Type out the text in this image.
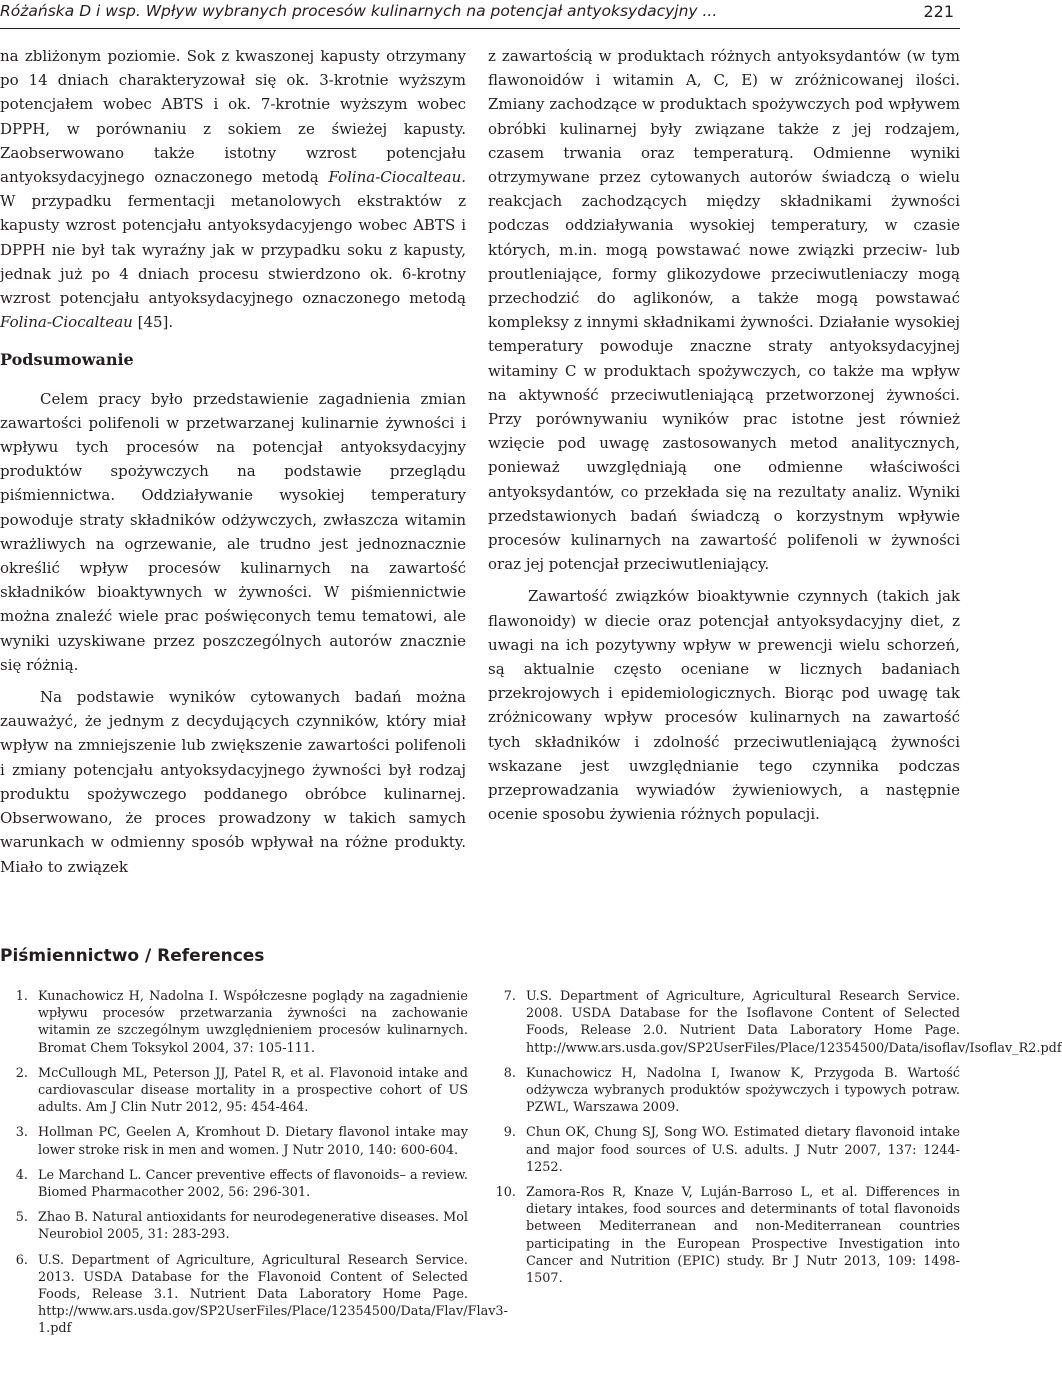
Różańska D i wsp. Wpływ wybranych procesów kulinarnych na potencjał antyoksydacyjny ...	221

na zbliżonym poziomie. Sok z kwaszonej kapusty otrzymany po 14 dniach charakteryzował się ok. 3-krotnie wyższym potencjałem wobec ABTS i ok. 7-krotnie wyższym wobec DPPH, w porównaniu z sokiem ze świeżej kapusty. Zaobserwowano także istotny wzrost potencjału antyoksydacyjnego oznaczonego metodą Folina-Ciocalteau. W przypadku fermentacji metanolowych ekstraktów z kapusty wzrost potencjału antyoksydacyjengo wobec ABTS i DPPH nie był tak wyraźny jak w przypadku soku z kapusty, jednak już po 4 dniach procesu stwierdzono ok. 6-krotny wzrost potencjału antyoksydacyjnego oznaczonego metodą Folina-Ciocalteau [45].

Podsumowanie

Celem pracy było przedstawienie zagadnienia zmian zawartości polifenoli w przetwarzanej kulinarnie żywności i wpływu tych procesów na potencjał antyoksydacyjny produktów spożywczych na podstawie przeglądu piśmiennictwa. Oddziaływanie wysokiej temperatury powoduje straty składników odżywczych, zwłaszcza witamin wrażliwych na ogrzewanie, ale trudno jest jednoznacznie określić wpływ procesów kulinarnych na zawartość składników bioaktywnych w żywności. W piśmiennictwie można znaleźć wiele prac poświęconych temu tematowi, ale wyniki uzyskiwane przez poszczególnych autorów znacznie się różnią.

Na podstawie wyników cytowanych badań można zauważyć, że jednym z decydujących czynników, który miał wpływ na zmniejszenie lub zwiększenie zawartości polifenoli i zmiany potencjału antyoksydacyjnego żywności był rodzaj produktu spożywczego poddanego obróbce kulinarnej. Obserwowano, że proces prowadzony w takich samych warunkach w odmienny sposób wpływał na różne produkty. Miało to związek

z zawartością w produktach różnych antyoksydantów (w tym flawonoidów i witamin A, C, E) w zróżnicowanej ilości. Zmiany zachodzące w produktach spożywczych pod wpływem obróbki kulinarnej były związane także z jej rodzajem, czasem trwania oraz temperaturą. Odmienne wyniki otrzymywane przez cytowanych autorów świadczą o wielu reakcjach zachodzących między składnikami żywności podczas oddziaływania wysokiej temperatury, w czasie których, m.in. mogą powstawać nowe związki przeciw- lub proutleniające, formy glikozydowe przeciwutleniaczy mogą przechodzić do aglikonów, a także mogą powstawać kompleksy z innymi składnikami żywności. Działanie wysokiej temperatury powoduje znaczne straty antyoksydacyjnej witaminy C w produktach spożywczych, co także ma wpływ na aktywność przeciwutleniającą przetworzonej żywności. Przy porównywaniu wyników prac istotne jest również wzięcie pod uwagę zastosowanych metod analitycznych, ponieważ uwzględniają one odmienne właściwości antyoksydantów, co przekłada się na rezultaty analiz. Wyniki przedstawionych badań świadczą o korzystnym wpływie procesów kulinarnych na zawartość polifenoli w żywności oraz jej potencjał przeciwutleniający.

Zawartość związków bioaktywnie czynnych (takich jak flawonoidy) w diecie oraz potencjał antyoksydacyjny diet, z uwagi na ich pozytywny wpływ w prewencji wielu schorzeń, są aktualnie często oceniane w licznych badaniach przekrojowych i epidemiologicznych. Biorąc pod uwagę tak zróżnicowany wpływ procesów kulinarnych na zawartość tych składników i zdolność przeciwutleniającą żywności wskazane jest uwzględnianie tego czynnika podczas przeprowadzania wywiadów żywieniowych, a następnie ocenie sposobu żywienia różnych populacji.

Piśmiennictwo / References
1. Kunachowicz H, Nadolna I. Współczesne poglądy na zagadnienie wpływu procesów przetwarzania żywności na zachowanie witamin ze szczególnym uwzględnieniem procesów kulinarnych. Bromat Chem Toksykol 2004, 37: 105-111.
2. McCullough ML, Peterson JJ, Patel R, et al. Flavonoid intake and cardiovascular disease mortality in a prospective cohort of US adults. Am J Clin Nutr 2012, 95: 454-464.
3. Hollman PC, Geelen A, Kromhout D. Dietary flavonol intake may lower stroke risk in men and women. J Nutr 2010, 140: 600-604.
4. Le Marchand L. Cancer preventive effects of flavonoids– a review. Biomed Pharmacother 2002, 56: 296-301.
5. Zhao B. Natural antioxidants for neurodegenerative diseases. Mol Neurobiol 2005, 31: 283-293.
6. U.S. Department of Agriculture, Agricultural Research Service. 2013. USDA Database for the Flavonoid Content of Selected Foods, Release 3.1. Nutrient Data Laboratory Home Page. http://www.ars.usda.gov/SP2UserFiles/Place/12354500/Data/Flav/Flav3-1.pdf
7. U.S. Department of Agriculture, Agricultural Research Service. 2008. USDA Database for the Isoflavone Content of Selected Foods, Release 2.0. Nutrient Data Laboratory Home Page. http://www.ars.usda.gov/SP2UserFiles/Place/12354500/Data/isoflav/Isoflav_R2.pdf
8. Kunachowicz H, Nadolna I, Iwanow K, Przygoda B. Wartość odżywcza wybranych produktów spożywczych i typowych potraw. PZWL, Warszawa 2009.
9. Chun OK, Chung SJ, Song WO. Estimated dietary flavonoid intake and major food sources of U.S. adults. J Nutr 2007, 137: 1244-1252.
10. Zamora-Ros R, Knaze V, Luján-Barroso L, et al. Differences in dietary intakes, food sources and determinants of total flavonoids between Mediterranean and non-Mediterranean countries participating in the European Prospective Investigation into Cancer and Nutrition (EPIC) study. Br J Nutr 2013, 109: 1498-1507.
